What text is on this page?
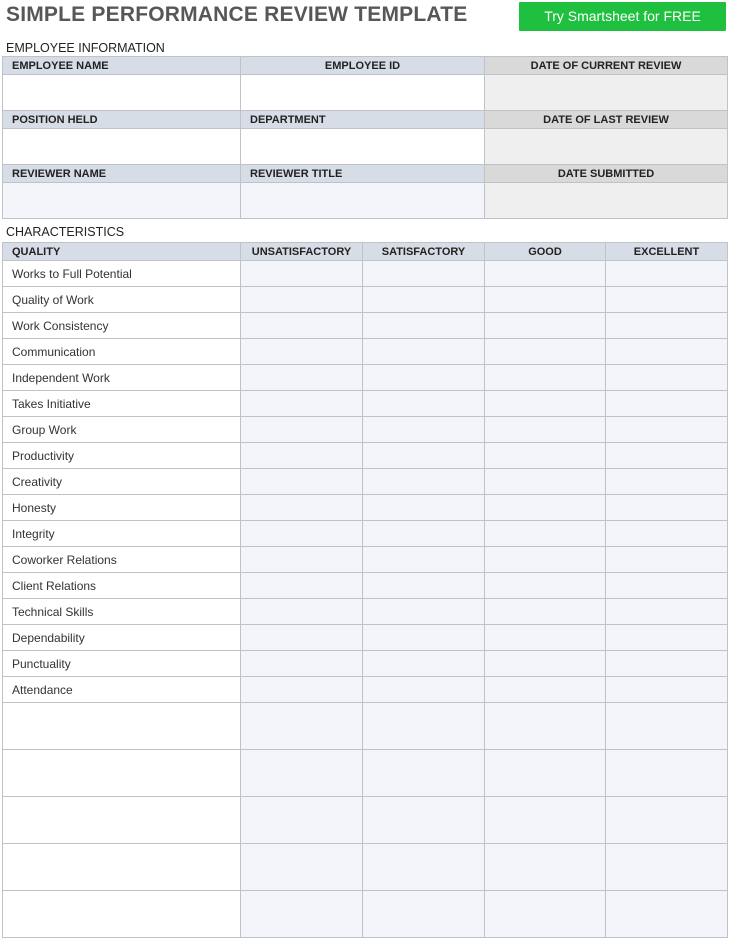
SIMPLE PERFORMANCE REVIEW TEMPLATE	Try Smartsheet for FREE
EMPLOYEE INFORMATION
EMPLOYEE NAME	EMPLOYEE ID	DATE OF CURRENT REVIEW

POSITION HELD	DEPARTMENT	DATE OF LAST REVIEW

REVIEWER NAME	REVIEWER TITLE	DATE SUBMITTED

CHARACTERISTICS
QUALITY	UNSATISFACTORY	SATISFACTORY	GOOD	EXCELLENT
Works to Full Potential				
Quality of Work				
Work Consistency				
Communication				
Independent Work				
Takes Initiative				
Group Work				
Productivity				
Creativity				
Honesty				
Integrity				
Coworker Relations				
Client Relations				
Technical Skills				
Dependability				
Punctuality				
Attendance				
